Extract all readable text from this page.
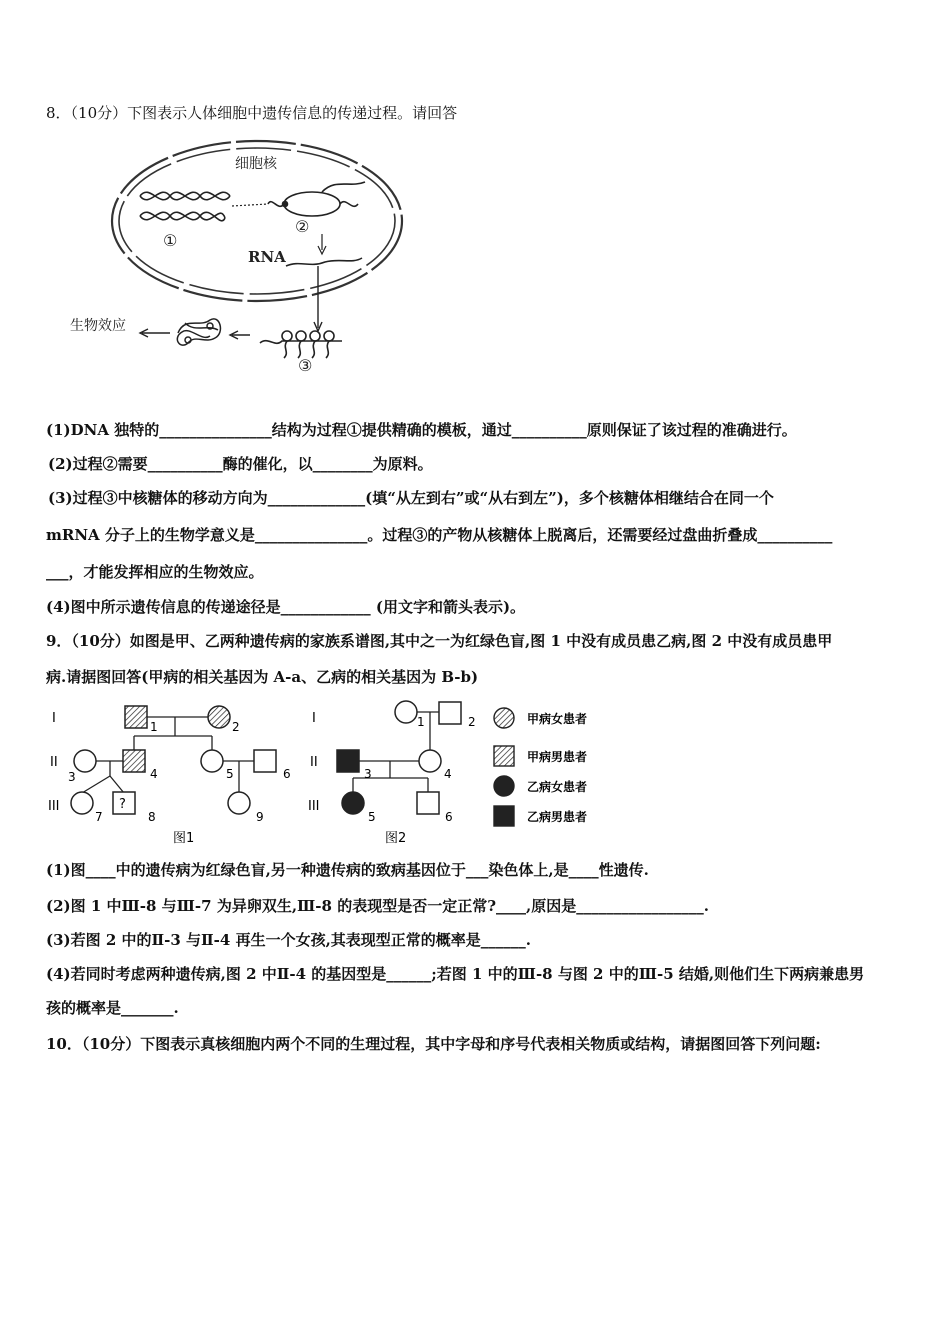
8．（10分）下图表示人体细胞中遗传信息的传递过程。请回答
细胞核
①
②
RNA
③
生物效应
(1)DNA 独特的_______________结构为过程①提供精确的模板，通过__________原则保证了该过程的准确进行。
(2)过程②需要__________酶的催化，以________为原料。
(3)过程③中核糖体的移动方向为_____________(填“从左到右”或“从右到左”)，多个核糖体相继结合在同一个
mRNA 分子上的生物学意义是_______________。过程③的产物从核糖体上脱离后，还需要经过盘曲折叠成__________
___，才能发挥相应的生物效应。
(4)图中所示遗传信息的传递途径是____________ (用文字和箭头表示)。
9．（10分）如图是甲、乙两种遗传病的家族系谱图,其中之一为红绿色盲,图 1 中没有成员患乙病,图 2 中没有成员患甲
病.请据图回答(甲病的相关基因为 A-a、乙病的相关基因为 B-b)
I
II
III	?
1	2
3	4	5	6
7	8	9
图1
I
II
III
1	2
3	4
5	6
图2
甲病女患者
甲病男患者
乙病女患者
乙病男患者
(1)图____中的遗传病为红绿色盲,另一种遗传病的致病基因位于___染色体上,是____性遗传.
(2)图 1 中Ⅲ-8 与Ⅲ-7 为异卵双生,Ⅲ-8 的表现型是否一定正常?____,原因是_________________.
(3)若图 2 中的Ⅱ-3 与Ⅱ-4 再生一个女孩,其表现型正常的概率是______.
(4)若同时考虑两种遗传病,图 2 中Ⅱ-4 的基因型是______;若图 1 中的Ⅲ-8 与图 2 中的Ⅲ-5 结婚,则他们生下两病兼患男
孩的概率是_______.
10．（10分）下图表示真核细胞内两个不同的生理过程，其中字母和序号代表相关物质或结构，请据图回答下列问题:
